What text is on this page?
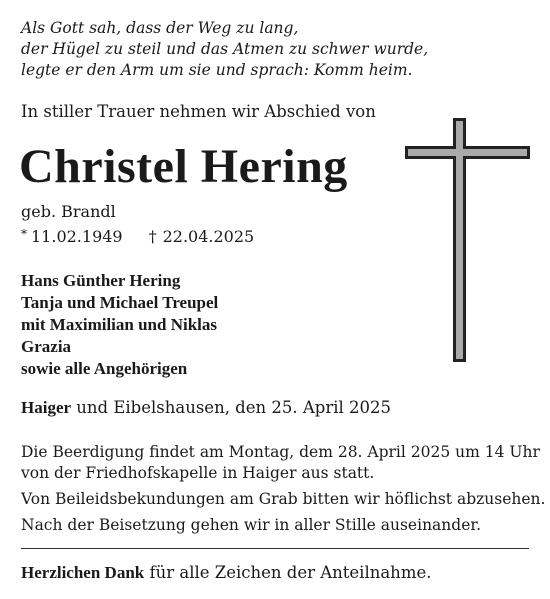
Als Gott sah, dass der Weg zu lang,
der Hügel zu steil und das Atmen zu schwer wurde,
legte er den Arm um sie und sprach: Komm heim.
In stiller Trauer nehmen wir Abschied von
Christel Hering
geb. Brandl
* 11.02.1949 † 22.04.2025
Hans Günther Hering
Tanja und Michael Treupel
mit Maximilian und Niklas
Grazia
sowie alle Angehörigen
Haiger und Eibelshausen, den 25. April 2025
Die Beerdigung findet am Montag, dem 28. April 2025 um 14 Uhr
von der Friedhofskapelle in Haiger aus statt.
Von Beileidsbekundungen am Grab bitten wir höflichst abzusehen.
Nach der Beisetzung gehen wir in aller Stille auseinander.
Herzlichen Dank für alle Zeichen der Anteilnahme.
